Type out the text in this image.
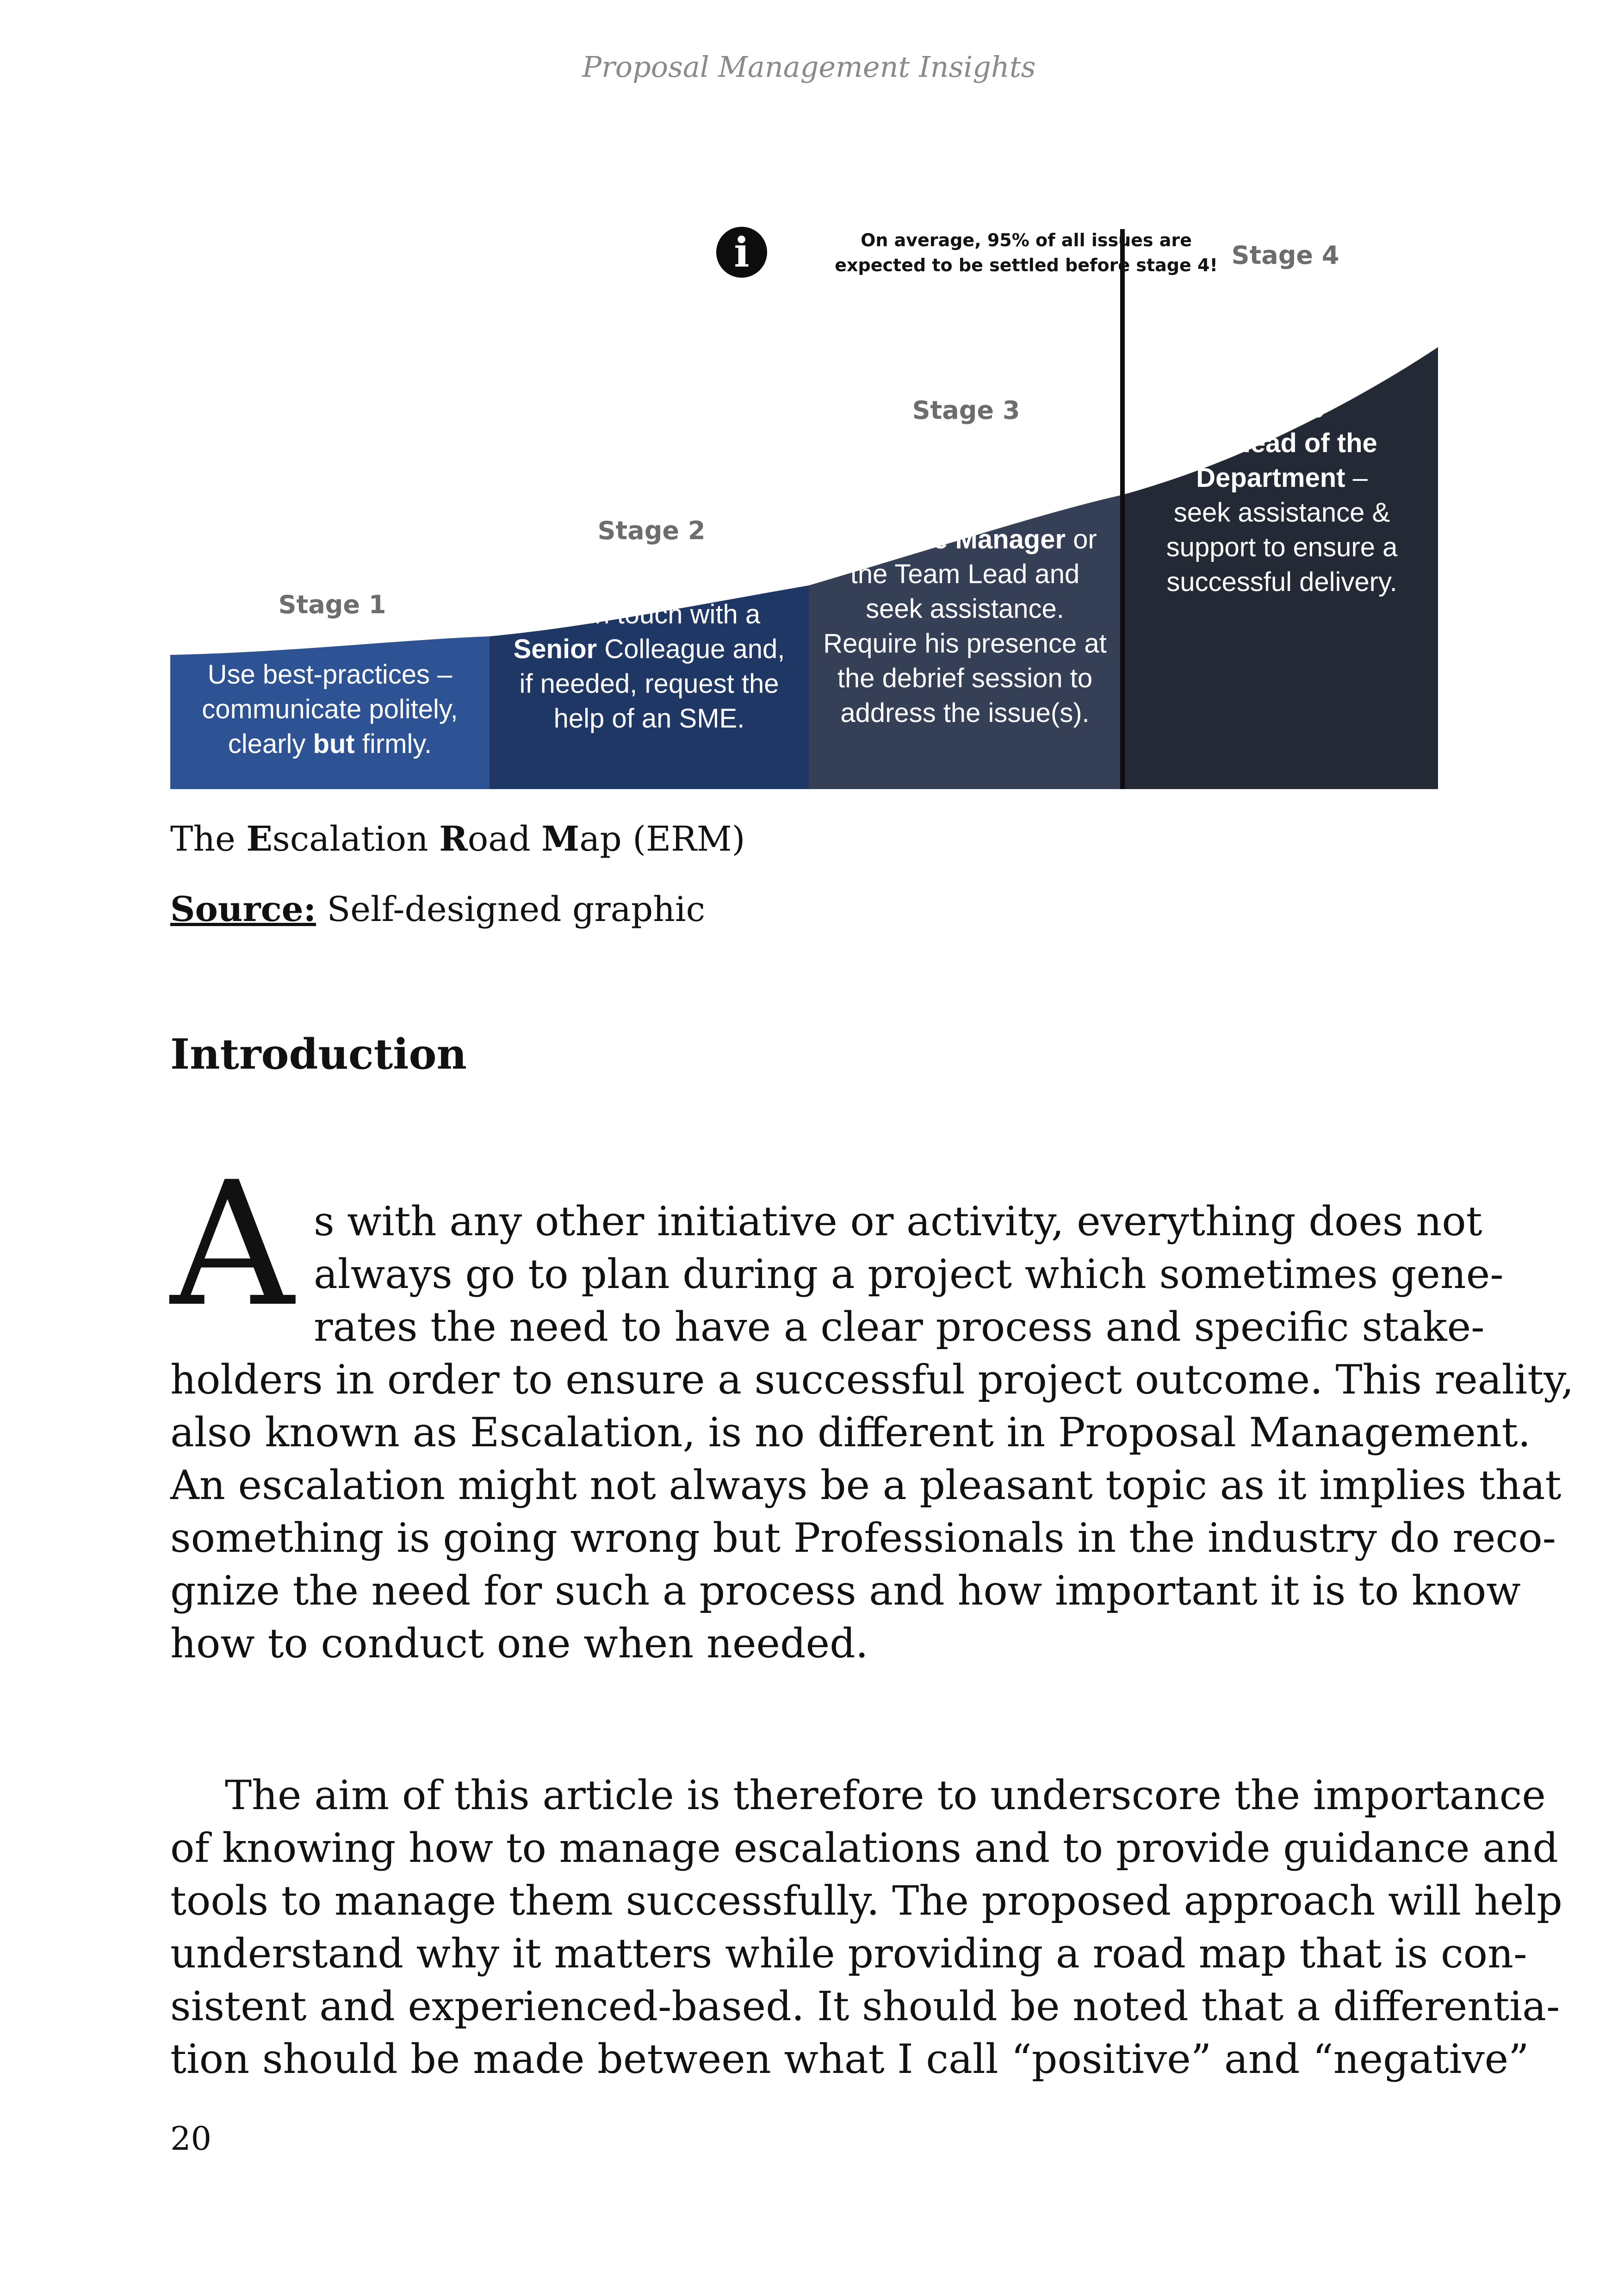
Proposal Management Insights
i	On average, 95% of all issues are
expected to be settled before stage 4!
Stage 1
Use best-practices –
communicate politely,
clearly but firmly.
Stage 2
Get in touch with a
Senior Colleague and,
if needed, request the
help of an SME.
Stage 3
Involve
your Line Manager or
the Team Lead and
seek assistance.
Require his presence at
the debrief session to
address the issue(s).
Stage 4
Involve
the Head of the
Department –
seek assistance &
support to ensure a
successful delivery.
The Escalation Road Map (ERM)
Source: Self-designed graphic
Introduction
A s with any other initiative or activity, everything does not
always go to plan during a project which sometimes gene-
rates the need to have a clear process and specific stake-
holders in order to ensure a successful project outcome. This reality,
also known as Escalation, is no different in Proposal Management.
An escalation might not always be a pleasant topic as it implies that
something is going wrong but Professionals in the industry do reco-
gnize the need for such a process and how important it is to know
how to conduct one when needed.
The aim of this article is therefore to underscore the importance
of knowing how to manage escalations and to provide guidance and
tools to manage them successfully. The proposed approach will help
understand why it matters while providing a road map that is con-
sistent and experienced-based. It should be noted that a differentia-
tion should be made between what I call “positive” and “negative”
20
